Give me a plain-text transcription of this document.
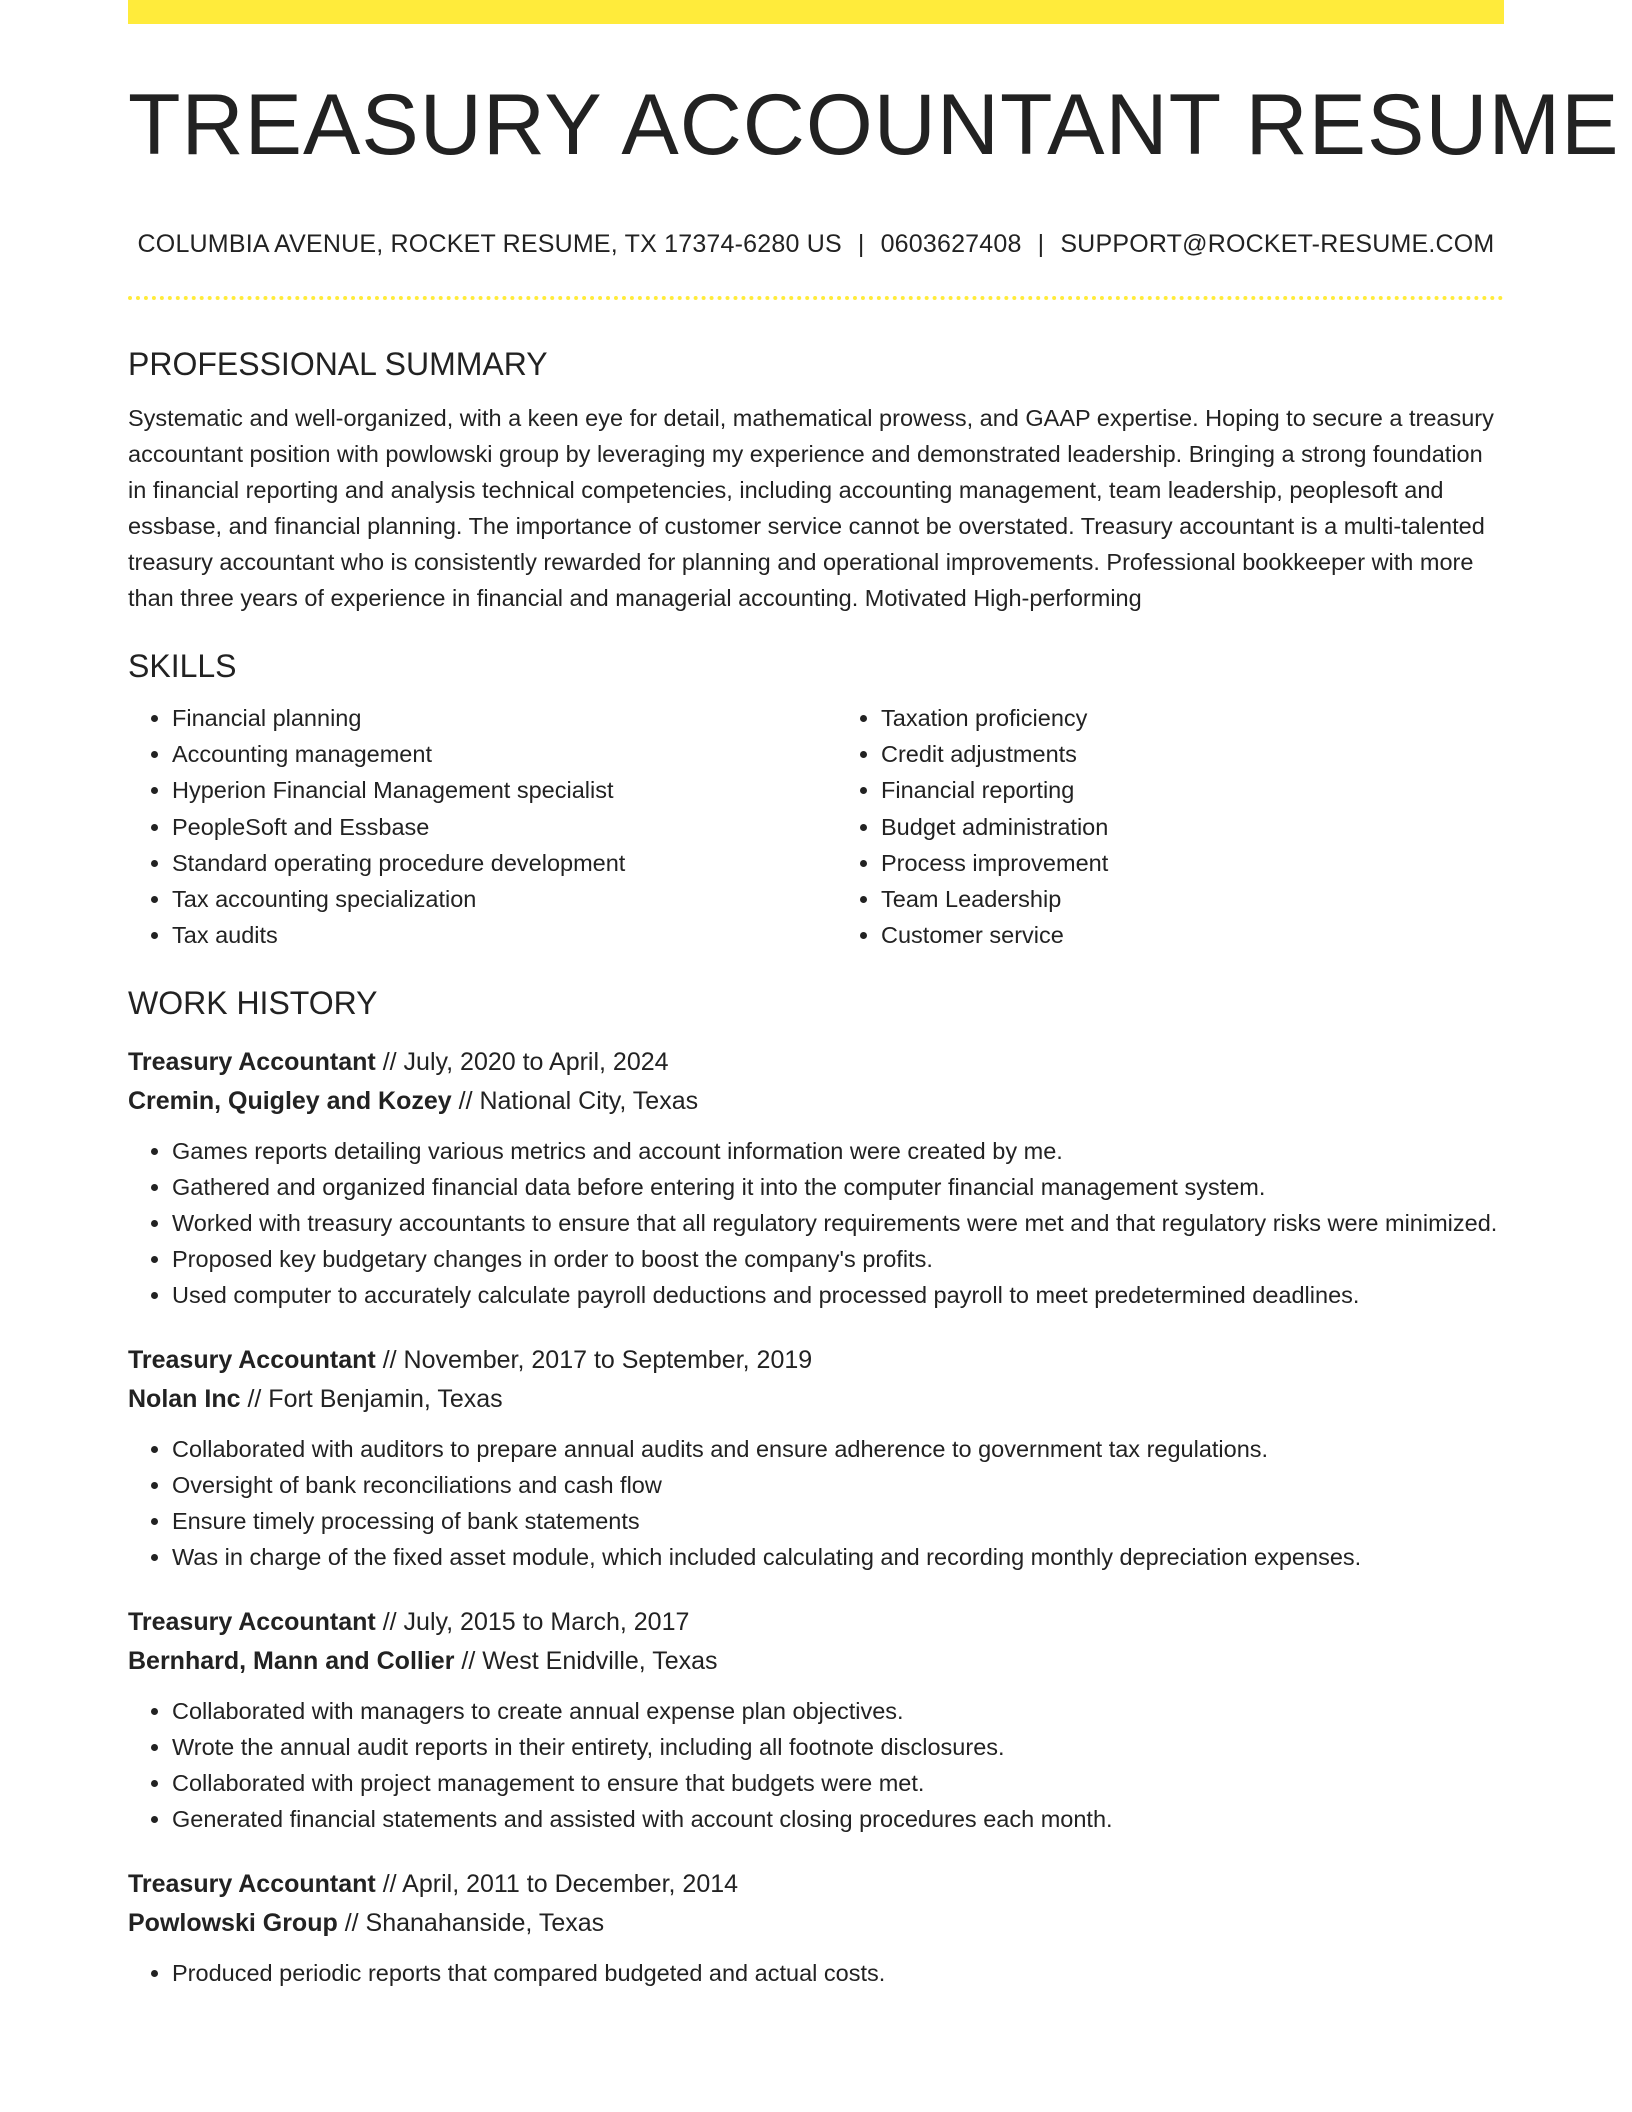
TREASURY ACCOUNTANT RESUME
COLUMBIA AVENUE, ROCKET RESUME, TX 17374-6280 US | 0603627408 | SUPPORT@ROCKET-RESUME.COM
PROFESSIONAL SUMMARY

Systematic and well-organized, with a keen eye for detail, mathematical prowess, and GAAP expertise. Hoping to secure a treasury accountant position with powlowski group by leveraging my experience and demonstrated leadership. Bringing a strong foundation in financial reporting and analysis technical competencies, including accounting management, team leadership, peoplesoft and essbase, and financial planning. The importance of customer service cannot be overstated. Treasury accountant is a multi-talented treasury accountant who is consistently rewarded for planning and operational improvements. Professional bookkeeper with more than three years of experience in financial and managerial accounting. Motivated High-performing

SKILLS
• Financial planning
• Accounting management
• Hyperion Financial Management specialist
• PeopleSoft and Essbase
• Standard operating procedure development
• Tax accounting specialization
• Tax audits
• Taxation proficiency
• Credit adjustments
• Financial reporting
• Budget administration
• Process improvement
• Team Leadership
• Customer service
WORK HISTORY
Treasury Accountant // July, 2020 to April, 2024
Cremin, Quigley and Kozey // National City, Texas
• Games reports detailing various metrics and account information were created by me.
• Gathered and organized financial data before entering it into the computer financial management system.
• Worked with treasury accountants to ensure that all regulatory requirements were met and that regulatory risks were minimized.
• Proposed key budgetary changes in order to boost the company's profits.
• Used computer to accurately calculate payroll deductions and processed payroll to meet predetermined deadlines.
Treasury Accountant // November, 2017 to September, 2019
Nolan Inc // Fort Benjamin, Texas
• Collaborated with auditors to prepare annual audits and ensure adherence to government tax regulations.
• Oversight of bank reconciliations and cash flow
• Ensure timely processing of bank statements
• Was in charge of the fixed asset module, which included calculating and recording monthly depreciation expenses.
Treasury Accountant // July, 2015 to March, 2017
Bernhard, Mann and Collier // West Enidville, Texas
• Collaborated with managers to create annual expense plan objectives.
• Wrote the annual audit reports in their entirety, including all footnote disclosures.
• Collaborated with project management to ensure that budgets were met.
• Generated financial statements and assisted with account closing procedures each month.
Treasury Accountant // April, 2011 to December, 2014
Powlowski Group // Shanahanside, Texas
• Produced periodic reports that compared budgeted and actual costs.
